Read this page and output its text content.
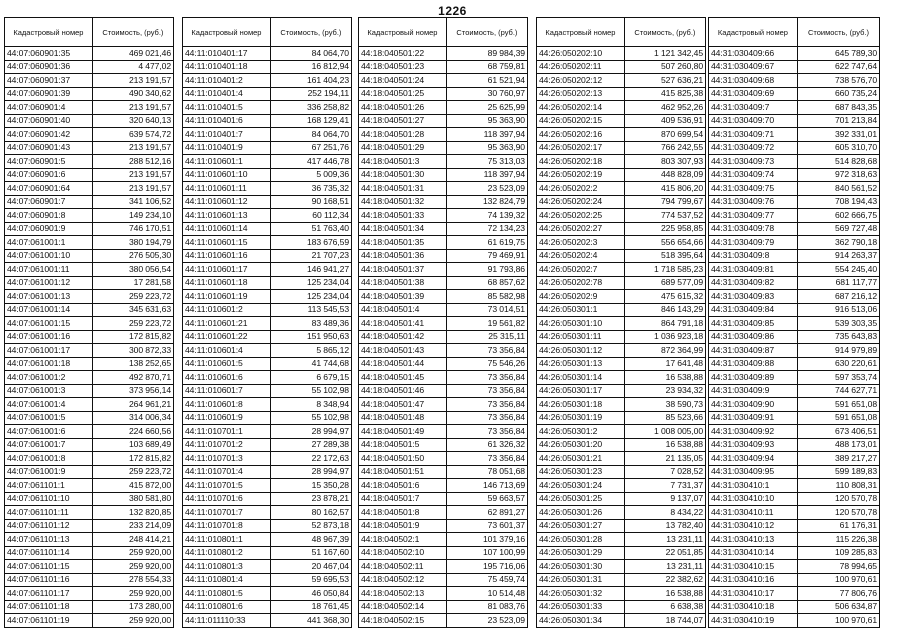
1226
Кадастровый номер	Стоимость, (руб.)
44:07:060901:35	469 021,46
44:07:060901:36	4 477,02
44:07:060901:37	213 191,57
44:07:060901:39	490 340,62
44:07:060901:4	213 191,57
44:07:060901:40	320 640,13
44:07:060901:42	639 574,72
44:07:060901:43	213 191,57
44:07:060901:5	288 512,16
44:07:060901:6	213 191,57
44:07:060901:64	213 191,57
44:07:060901:7	341 106,52
44:07:060901:8	149 234,10
44:07:060901:9	746 170,51
44:07:061001:1	380 194,79
44:07:061001:10	276 505,30
44:07:061001:11	380 056,54
44:07:061001:12	17 281,58
44:07:061001:13	259 223,72
44:07:061001:14	345 631,63
44:07:061001:15	259 223,72
44:07:061001:16	172 815,82
44:07:061001:17	300 872,33
44:07:061001:18	138 252,65
44:07:061001:2	492 870,71
44:07:061001:3	373 956,14
44:07:061001:4	264 961,21
44:07:061001:5	314 006,34
44:07:061001:6	224 660,56
44:07:061001:7	103 689,49
44:07:061001:8	172 815,82
44:07:061001:9	259 223,72
44:07:061101:1	415 872,00
44:07:061101:10	380 581,80
44:07:061101:11	132 820,85
44:07:061101:12	233 214,09
44:07:061101:13	248 414,21
44:07:061101:14	259 920,00
44:07:061101:15	259 920,00
44:07:061101:16	278 554,33
44:07:061101:17	259 920,00
44:07:061101:18	173 280,00
44:07:061101:19	259 920,00
Кадастровый номер	Стоимость, (руб.)
44:11:010401:17	84 064,70
44:11:010401:18	16 812,94
44:11:010401:2	161 404,23
44:11:010401:4	252 194,11
44:11:010401:5	336 258,82
44:11:010401:6	168 129,41
44:11:010401:7	84 064,70
44:11:010401:9	67 251,76
44:11:010601:1	417 446,78
44:11:010601:10	5 009,36
44:11:010601:11	36 735,32
44:11:010601:12	90 168,51
44:11:010601:13	60 112,34
44:11:010601:14	51 763,40
44:11:010601:15	183 676,59
44:11:010601:16	21 707,23
44:11:010601:17	146 941,27
44:11:010601:18	125 234,04
44:11:010601:19	125 234,04
44:11:010601:2	113 545,53
44:11:010601:21	83 489,36
44:11:010601:22	151 950,63
44:11:010601:4	5 865,12
44:11:010601:5	41 744,68
44:11:010601:6	6 679,15
44:11:010601:7	55 102,98
44:11:010601:8	8 348,94
44:11:010601:9	55 102,98
44:11:010701:1	28 994,97
44:11:010701:2	27 289,38
44:11:010701:3	22 172,63
44:11:010701:4	28 994,97
44:11:010701:5	15 350,28
44:11:010701:6	23 878,21
44:11:010701:7	80 162,57
44:11:010701:8	52 873,18
44:11:010801:1	48 967,39
44:11:010801:2	51 167,60
44:11:010801:3	20 467,04
44:11:010801:4	59 695,53
44:11:010801:5	46 050,84
44:11:010801:6	18 761,45
44:11:011110:33	441 368,30
Кадастровый номер	Стоимость, (руб.)
44:18:040501:22	89 984,39
44:18:040501:23	68 759,81
44:18:040501:24	61 521,94
44:18:040501:25	30 760,97
44:18:040501:26	25 625,99
44:18:040501:27	95 363,90
44:18:040501:28	118 397,94
44:18:040501:29	95 363,90
44:18:040501:3	75 313,03
44:18:040501:30	118 397,94
44:18:040501:31	23 523,09
44:18:040501:32	132 824,79
44:18:040501:33	74 139,32
44:18:040501:34	72 134,23
44:18:040501:35	61 619,75
44:18:040501:36	79 469,91
44:18:040501:37	91 793,86
44:18:040501:38	68 857,62
44:18:040501:39	85 582,98
44:18:040501:4	73 014,51
44:18:040501:41	19 561,82
44:18:040501:42	25 315,11
44:18:040501:43	73 356,84
44:18:040501:44	75 546,26
44:18:040501:45	73 356,84
44:18:040501:46	73 356,84
44:18:040501:47	73 356,84
44:18:040501:48	73 356,84
44:18:040501:49	73 356,84
44:18:040501:5	61 326,32
44:18:040501:50	73 356,84
44:18:040501:51	78 051,68
44:18:040501:6	146 713,69
44:18:040501:7	59 663,57
44:18:040501:8	62 891,27
44:18:040501:9	73 601,37
44:18:040502:1	101 379,16
44:18:040502:10	107 100,99
44:18:040502:11	195 716,06
44:18:040502:12	75 459,74
44:18:040502:13	10 514,48
44:18:040502:14	81 083,76
44:18:040502:15	23 523,09
Кадастровый номер	Стоимость, (руб.)
44:26:050202:10	1 121 342,45
44:26:050202:11	507 260,80
44:26:050202:12	527 636,21
44:26:050202:13	415 825,38
44:26:050202:14	462 952,26
44:26:050202:15	409 536,91
44:26:050202:16	870 699,54
44:26:050202:17	766 242,55
44:26:050202:18	803 307,93
44:26:050202:19	448 828,09
44:26:050202:2	415 806,20
44:26:050202:24	794 799,67
44:26:050202:25	774 537,52
44:26:050202:27	225 958,85
44:26:050202:3	556 654,66
44:26:050202:4	518 395,64
44:26:050202:7	1 718 585,23
44:26:050202:78	689 577,09
44:26:050202:9	475 615,32
44:26:050301:1	846 143,29
44:26:050301:10	864 791,18
44:26:050301:11	1 036 923,18
44:26:050301:12	872 364,99
44:26:050301:13	17 641,48
44:26:050301:14	16 538,88
44:26:050301:17	23 934,32
44:26:050301:18	38 590,73
44:26:050301:19	85 523,66
44:26:050301:2	1 008 005,00
44:26:050301:20	16 538,88
44:26:050301:21	21 135,05
44:26:050301:23	7 028,52
44:26:050301:24	7 731,37
44:26:050301:25	9 137,07
44:26:050301:26	8 434,22
44:26:050301:27	13 782,40
44:26:050301:28	13 231,11
44:26:050301:29	22 051,85
44:26:050301:30	13 231,11
44:26:050301:31	22 382,62
44:26:050301:32	16 538,88
44:26:050301:33	6 638,38
44:26:050301:34	18 744,07
Кадастровый номер	Стоимость, (руб.)
44:31:030409:66	645 789,30
44:31:030409:67	622 747,64
44:31:030409:68	738 576,70
44:31:030409:69	660 735,24
44:31:030409:7	687 843,35
44:31:030409:70	701 213,84
44:31:030409:71	392 331,01
44:31:030409:72	605 310,70
44:31:030409:73	514 828,68
44:31:030409:74	972 318,63
44:31:030409:75	840 561,52
44:31:030409:76	708 194,43
44:31:030409:77	602 666,75
44:31:030409:78	569 727,48
44:31:030409:79	362 790,18
44:31:030409:8	914 263,37
44:31:030409:81	554 245,40
44:31:030409:82	681 117,77
44:31:030409:83	687 216,12
44:31:030409:84	916 513,06
44:31:030409:85	539 303,35
44:31:030409:86	735 643,83
44:31:030409:87	914 979,89
44:31:030409:88	630 220,61
44:31:030409:89	597 353,74
44:31:030409:9	744 627,71
44:31:030409:90	591 651,08
44:31:030409:91	591 651,08
44:31:030409:92	673 406,51
44:31:030409:93	488 173,01
44:31:030409:94	389 217,27
44:31:030409:95	599 189,83
44:31:030410:1	110 808,31
44:31:030410:10	120 570,78
44:31:030410:11	120 570,78
44:31:030410:12	61 176,31
44:31:030410:13	115 226,38
44:31:030410:14	109 285,83
44:31:030410:15	78 994,65
44:31:030410:16	100 970,61
44:31:030410:17	77 806,76
44:31:030410:18	506 634,87
44:31:030410:19	100 970,61
